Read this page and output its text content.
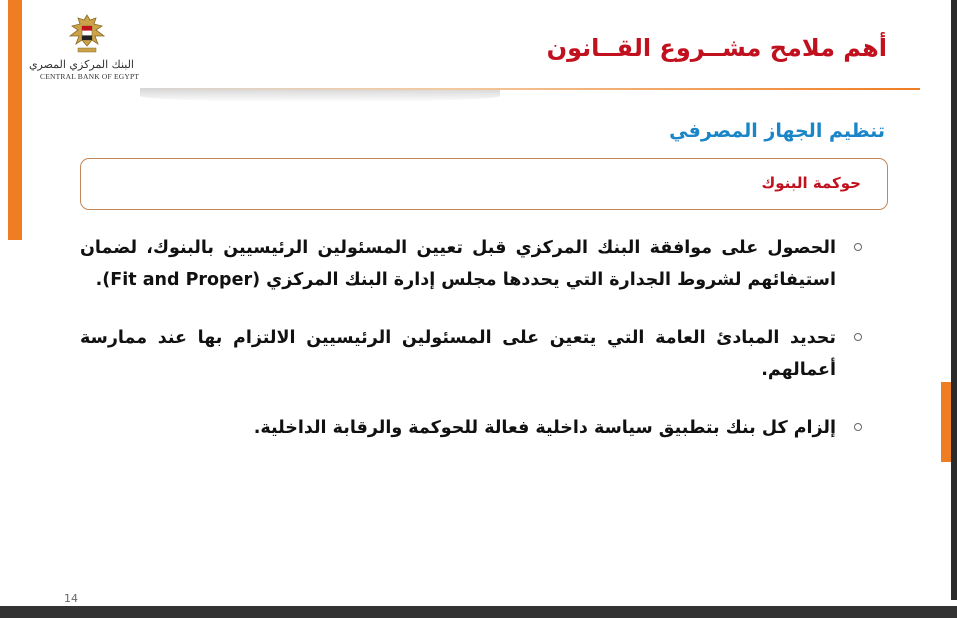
البنك المركزي المصري
CENTRAL BANK OF EGYPT
أهم ملامح مشــروع القــانون
تنظيم الجهاز المصرفي
حوكمة البنوك
الحصول على موافقة البنك المركزي قبل تعيين المسئولين الرئيسيين بالبنوك، لضمان استيفائهم لشروط الجدارة التي يحددها مجلس إدارة البنك المركزي (Fit and Proper).
تحديد المبادئ العامة التي يتعين على المسئولين الرئيسيين الالتزام بها عند ممارسة أعمالهم.
إلزام كل بنك بتطبيق سياسة داخلية فعالة للحوكمة والرقابة الداخلية.
14
